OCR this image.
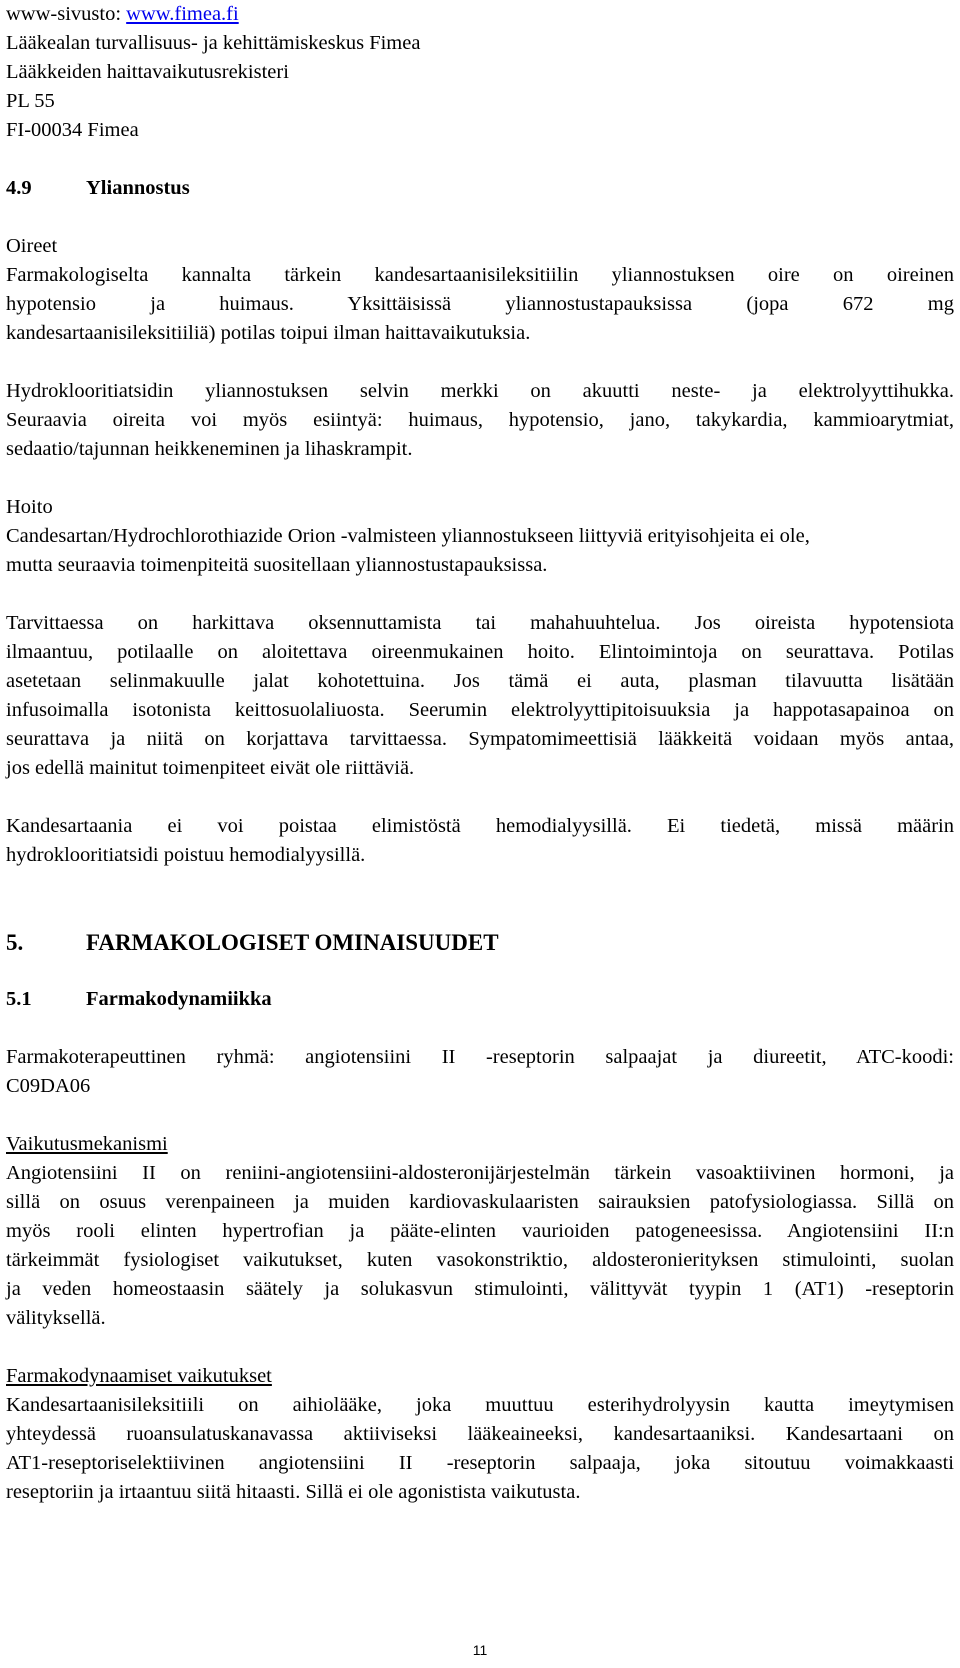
www-sivusto: www.fimea.fi

Lääkealan turvallisuus- ja kehittämiskeskus Fimea

Lääkkeiden haittavaikutusrekisteri

PL 55

FI-00034 Fimea

4.9	Yliannostus

Oireet

Farmakologiselta kannalta tärkein kandesartaanisileksitiilin yliannostuksen oire on oireinen

hypotensio ja huimaus. Yksittäisissä yliannostustapauksissa (jopa 672 mg

kandesartaanisileksitiiliä) potilas toipui ilman haittavaikutuksia.

Hydroklooritiatsidin yliannostuksen selvin merkki on akuutti neste- ja elektrolyyttihukka.

Seuraavia oireita voi myös esiintyä: huimaus, hypotensio, jano, takykardia, kammioarytmiat,

sedaatio/tajunnan heikkeneminen ja lihaskrampit.

Hoito

Candesartan/Hydrochlorothiazide Orion -valmisteen yliannostukseen liittyviä erityisohjeita ei ole,

mutta seuraavia toimenpiteitä suositellaan yliannostustapauksissa.

Tarvittaessa on harkittava oksennuttamista tai mahahuuhtelua. Jos oireista hypotensiota

ilmaantuu, potilaalle on aloitettava oireenmukainen hoito. Elintoimintoja on seurattava. Potilas

asetetaan selinmakuulle jalat kohotettuina. Jos tämä ei auta, plasman tilavuutta lisätään

infusoimalla isotonista keittosuolaliuosta. Seerumin elektrolyyttipitoisuuksia ja happotasapainoa on

seurattava ja niitä on korjattava tarvittaessa. Sympatomimeettisiä lääkkeitä voidaan myös antaa,

jos edellä mainitut toimenpiteet eivät ole riittäviä.

Kandesartaania ei voi poistaa elimistöstä hemodialyysillä. Ei tiedetä, missä määrin

hydroklooritiatsidi poistuu hemodialyysillä.

5.	FARMAKOLOGISET OMINAISUUDET
5.1	Farmakodynamiikka

Farmakoterapeuttinen ryhmä: angiotensiini II -reseptorin salpaajat ja diureetit, ATC-koodi:

C09DA06

Vaikutusmekanismi

Angiotensiini II on reniini-angiotensiini-aldosteronijärjestelmän tärkein vasoaktiivinen hormoni, ja

sillä on osuus verenpaineen ja muiden kardiovaskulaaristen sairauksien patofysiologiassa. Sillä on

myös rooli elinten hypertrofian ja pääte-elinten vaurioiden patogeneesissa. Angiotensiini II:n

tärkeimmät fysiologiset vaikutukset, kuten vasokonstriktio, aldosteronierityksen stimulointi, suolan

ja veden homeostaasin säätely ja solukasvun stimulointi, välittyvät tyypin 1 (AT1) -reseptorin

välityksellä.

Farmakodynaamiset vaikutukset

Kandesartaanisileksitiili on aihiolääke, joka muuttuu esterihydrolyysin kautta imeytymisen

yhteydessä ruoansulatuskanavassa aktiiviseksi lääkeaineeksi, kandesartaaniksi. Kandesartaani on

AT1-reseptoriselektiivinen angiotensiini II -reseptorin salpaaja, joka sitoutuu voimakkaasti

reseptoriin ja irtaantuu siitä hitaasti. Sillä ei ole agonistista vaikutusta.

11
